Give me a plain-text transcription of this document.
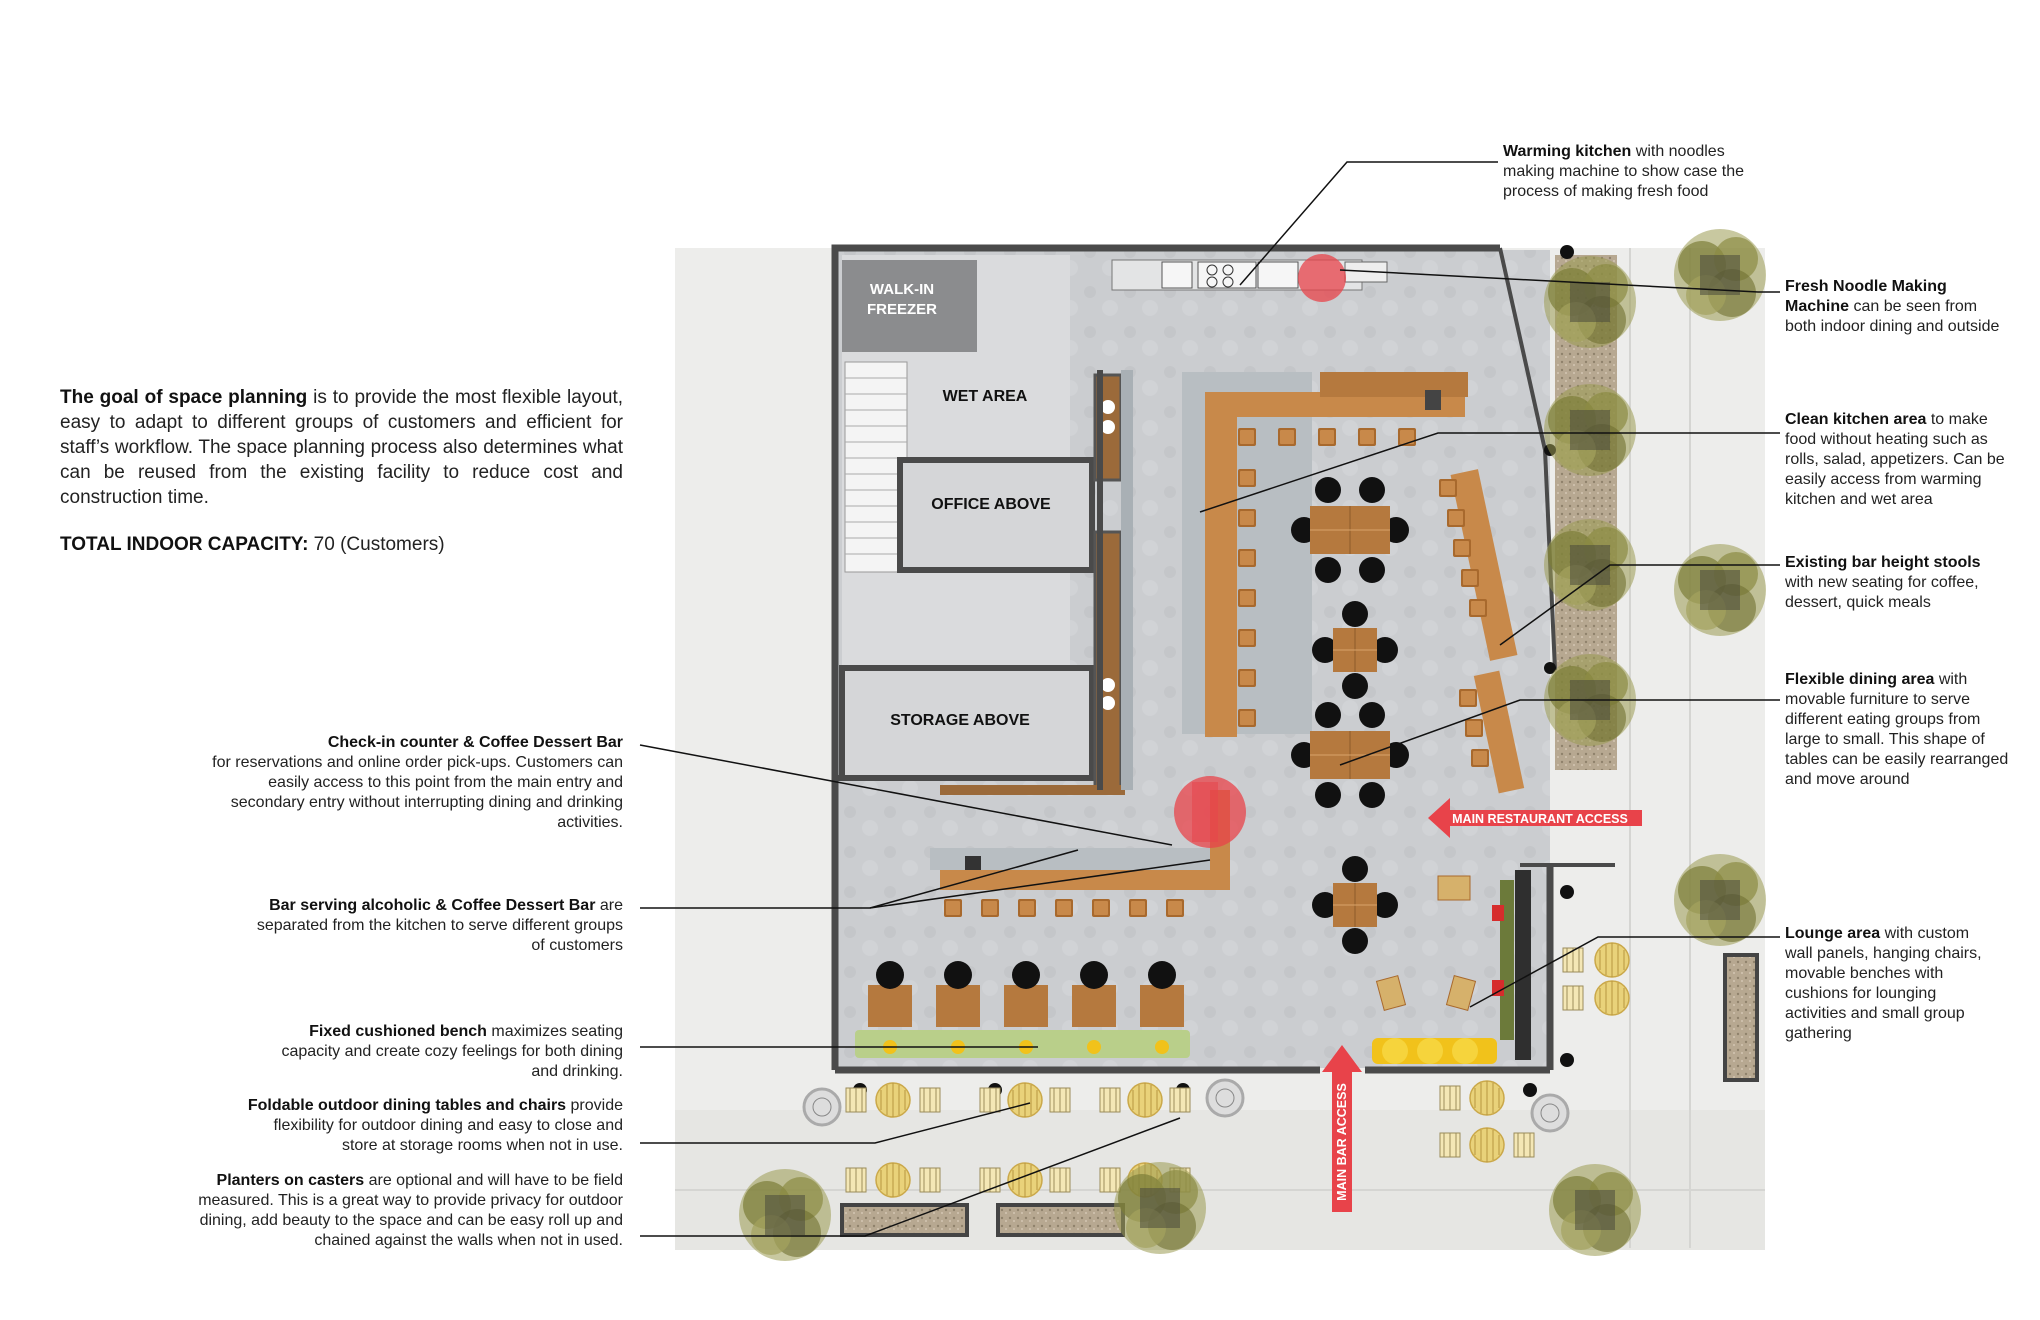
WALK-IN
FREEZER
WET AREA
OFFICE ABOVE
STORAGE ABOVE
MAIN RESTAURANT ACCESS
MAIN BAR ACCESS
The goal of space planning is to provide the most flexible layout, easy to adapt to different groups of customers and efficient for staff’s workflow. The space planning process also determines what can be reused from the existing facility to reduce cost and construction time.
TOTAL INDOOR CAPACITY: 70 (Customers)
Check-in counter & Coffee Dessert Bar
for reservations and online order pick-ups. Customers can easily access to this point from the main entry and secondary entry without interrupting dining and drinking activities.
Bar serving alcoholic & Coffee Dessert Bar are separated from the kitchen to serve different groups of customers
Fixed cushioned bench maximizes seating capacity and create cozy feelings for both dining and drinking.
Foldable outdoor dining tables and chairs provide flexibility for outdoor dining and easy to close and store at storage rooms when not in use.
Planters on casters are optional and will have to be field measured. This is a great way to provide privacy for outdoor dining, add beauty to the space and can be easy roll up and chained against the walls when not in used.
Warming kitchen with noodles making machine to show case the process of making fresh food
Fresh Noodle Making Machine can be seen from both indoor dining and outside
Clean kitchen area to make food without heating such as rolls, salad, appetizers. Can be easily access from warming kitchen and wet area
Existing bar height stools with new seating for coffee, dessert, quick meals
Flexible dining area with movable furniture to serve different eating groups from large to small. This shape of tables can be easily rearranged and move around
Lounge area with custom wall panels, hanging chairs, movable benches with cushions for lounging activities and small group gathering
